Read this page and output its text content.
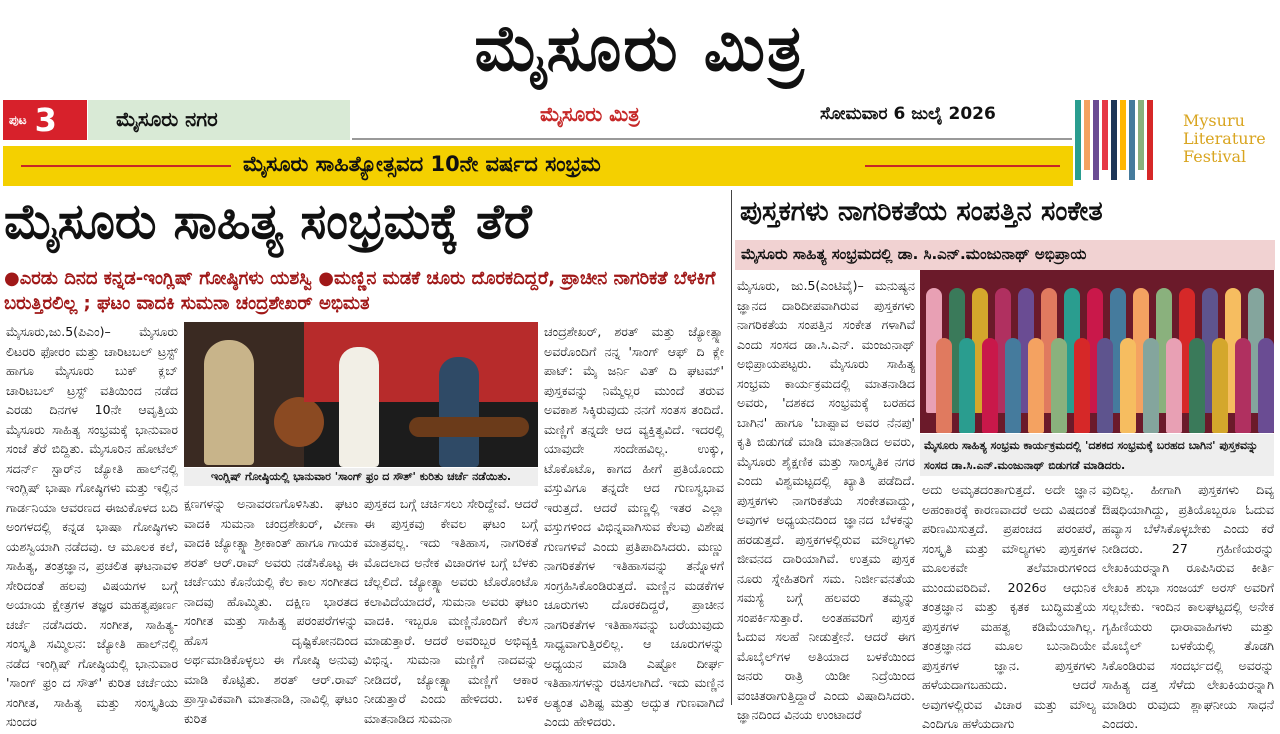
ಮೈಸೂರು ಮಿತ್ರ
ಪುಟ 3	ಮೈಸೂರು ನಗರ	ಮೈಸೂರು ಮಿತ್ರ	ಸೋಮವಾರ 6 ಜುಲೈ 2026	Mysuru
Literature
Festival
ಮೈಸೂರು ಸಾಹಿತ್ಯೋತ್ಸವದ 10ನೇ ವರ್ಷದ ಸಂಭ್ರಮ
ಮೈಸೂರು ಸಾಹಿತ್ಯ ಸಂಭ್ರಮಕ್ಕೆ ತೆರೆ
●ಎರಡು ದಿನದ ಕನ್ನಡ-ಇಂಗ್ಲಿಷ್ ಗೋಷ್ಠಿಗಳು ಯಶಸ್ವಿ ●ಮಣ್ಣಿನ ಮಡಕೆ ಚೂರು ದೊರಕದಿದ್ದರೆ, ಪ್ರಾಚೀನ ನಾಗರಿಕತೆ ಬೆಳಕಿಗೆ ಬರುತ್ತಿರಲಿಲ್ಲ ; ಘಟಂ ವಾದಕಿ ಸುಮನಾ ಚಂದ್ರಶೇಖರ್ ಅಭಿಮತ
ಮೈಸೂರು,ಜು.5(ಪಿಎಂ)– ಮೈಸೂರು ಲಿಟರರಿ ಫೋರಂ ಮತ್ತು ಚಾರಿಟಬಲ್ ಟ್ರಸ್ಟ್ ಹಾಗೂ ಮೈಸೂರು ಬುಕ್ ಕ್ಲಬ್ ಚಾರಿಟಬಲ್ ಟ್ರಸ್ಟ್ ವತಿಯಿಂದ ನಡೆದ ಎರಡು ದಿನಗಳ 10ನೇ ಆವೃತ್ತಿಯ ಮೈಸೂರು ಸಾಹಿತ್ಯ ಸಂಭ್ರಮಕ್ಕೆ ಭಾನುವಾರ ಸಂಜೆ ತೆರೆ ಬಿದ್ದಿತು. ಮೈಸೂರಿನ ಹೋಟೆಲ್ ಸದರ್ನ್ ಸ್ಟಾರ್‌ನ ಜ್ಯೋತಿ ಹಾಲ್‌ನಲ್ಲಿ ಇಂಗ್ಲಿಷ್ ಭಾಷಾ ಗೋಷ್ಠಿಗಳು ಮತ್ತು ಇಲ್ಲಿನ ಗಾರ್ಡನಿಯಾ ಆವರಣದ ಈಜುಕೊಳದ ಬದಿ ಅಂಗಳದಲ್ಲಿ ಕನ್ನಡ ಭಾಷಾ ಗೋಷ್ಠಿಗಳು ಯಶಸ್ವಿಯಾಗಿ ನಡೆದವು. ಆ ಮೂಲಕ ಕಲೆ, ಸಾಹಿತ್ಯ, ತಂತ್ರಜ್ಞಾನ, ಪ್ರಚಲಿತ ಘಟನಾವಳಿ ಸೇರಿದಂತೆ ಹಲವು ವಿಷಯಗಳ ಬಗ್ಗೆ ಅಯಾಯ ಕ್ಷೇತ್ರಗಳ ತಜ್ಞರ ಮಹತ್ವಪೂರ್ಣ ಚರ್ಚೆ ನಡೆಸಿದರು. ಸಂಗೀತ, ಸಾಹಿತ್ಯ-ಸಂಸ್ಕೃತಿ ಸಮ್ಮಿಲನ: ಜ್ಯೋತಿ ಹಾಲ್‌ನಲ್ಲಿ ನಡೆದ ಇಂಗ್ಲಿಷ್ ಗೋಷ್ಠಿಯಲ್ಲಿ ಭಾನುವಾರ 'ಸಾಂಗ್ ಫ್ರಂ ದ ಸೌತ್' ಕುರಿತ ಚರ್ಚೆಯು ಸಂಗೀತ, ಸಾಹಿತ್ಯ ಮತ್ತು ಸಂಸ್ಕೃತಿಯ ಸುಂದರ
ಇಂಗ್ಲಿಷ್ ಗೋಷ್ಠಿಯಲ್ಲಿ ಭಾನುವಾರ 'ಸಾಂಗ್ ಫ್ರಂ ದ ಸೌತ್' ಕುರಿತು ಚರ್ಚೆ ನಡೆಯಿತು.
ಕ್ಷಣಗಳನ್ನು ಅನಾವರಣಗೊಳಿಸಿತು. ಘಟಂ ವಾದಕಿ ಸುಮನಾ ಚಂದ್ರಶೇಖರ್, ವೀಣಾ ವಾದಕಿ ಜ್ಯೋತ್ಸ್ನಾ ಶ್ರೀಕಾಂತ್ ಹಾಗೂ ಗಾಯಕ ಶರತ್ ಆರ್.ರಾವ್ ಅವರು ನಡೆಸಿಕೊಟ್ಟ ಈ ಚರ್ಚೆಯು ಕೊನೆಯಲ್ಲಿ ಕೆಲ ಕಾಲ ಸಂಗೀತದ ನಾದವು ಹೊಮ್ಮಿತು. ದಕ್ಷಿಣ ಭಾರತದ ಸಂಗೀತ ಮತ್ತು ಸಾಹಿತ್ಯ ಪರಂಪರೆಗಳನ್ನು ಹೊಸ ದೃಷ್ಟಿಕೋನದಿಂದ ಅರ್ಥಮಾಡಿಕೊಳ್ಳಲು ಈ ಗೋಷ್ಠಿ ಅನುವು ಮಾಡಿ ಕೊಟ್ಟಿತು. ಶರತ್ ಆರ್.ರಾವ್ ಪ್ರಾಸ್ತಾವಿಕವಾಗಿ ಮಾತನಾಡಿ, ನಾವಿಲ್ಲಿ ಘಟಂ ಕುರಿತ
ಪುಸ್ತಕದ ಬಗ್ಗೆ ಚರ್ಚಿಸಲು ಸೇರಿದ್ದೇವೆ. ಆದರೆ ಈ ಪುಸ್ತಕವು ಕೇವಲ ಘಟಂ ಬಗ್ಗೆ ಮಾತ್ರವಲ್ಲ. ಇದು ಇತಿಹಾಸ, ನಾಗರಿಕತೆ ಮೊದಲಾದ ಅನೇಕ ವಿಚಾರಗಳ ಬಗ್ಗೆ ಬೆಳಕು ಚೆಲ್ಲಲಿದೆ. ಜ್ಯೋತ್ಸ್ನಾ ಅವರು ಟೊರೊಂಟೊ ಕಲಾವಿದೆಯಾದರೆ, ಸುಮನಾ ಅವರು ಘಟಂ ವಾದಕಿ. ಇಬ್ಬರೂ ಮಣ್ಣಿನೊಂದಿಗೆ ಕೆಲಸ ಮಾಡುತ್ತಾರೆ. ಆದರೆ ಅವರಿಬ್ಬರ ಅಭಿವ್ಯಕ್ತಿ ವಿಭಿನ್ನ. ಸುಮನಾ ಮಣ್ಣಿಗೆ ನಾದವನ್ನು ನೀಡಿದರೆ, ಜ್ಯೋತ್ಸ್ನಾ ಮಣ್ಣಿಗೆ ಆಕಾರ ನೀಡುತ್ತಾರೆ ಎಂದು ಹೇಳಿದರು. ಬಳಿಕ ಮಾತನಾಡಿದ ಸುಮನಾ
ಚಂದ್ರಶೇಖರ್, ಶರತ್ ಮತ್ತು ಜ್ಯೋತ್ಸ್ನಾ ಅವರೊಂದಿಗೆ ನನ್ನ 'ಸಾಂಗ್ ಆಫ್ ದಿ ಕ್ಲೇ ಪಾಟ್: ಮೈ ಜರ್ನಿ ವಿತ್ ದಿ ಘಟಮ್' ಪುಸ್ತಕವನ್ನು ನಿಮ್ಮೆಲ್ಲರ ಮುಂದೆ ತರುವ ಅವಕಾಶ ಸಿಕ್ಕಿರುವುದು ನನಗೆ ಸಂತಸ ತಂದಿದೆ. ಮಣ್ಣಿಗೆ ತನ್ನದೇ ಆದ ವ್ಯಕ್ತಿತ್ವವಿದೆ. ಇದರಲ್ಲಿ ಯಾವುದೇ ಸಂದೇಹವಿಲ್ಲ. ಉಕ್ಕು, ಟೊಕೊಟೊ, ಕಾಗದ ಹೀಗೆ ಪ್ರತಿಯೊಂದು ವಸ್ತುವಿಗೂ ತನ್ನದೇ ಆದ ಗುಣಸ್ವಭಾವ ಇರುತ್ತದೆ. ಆದರೆ ಮಣ್ಣಲ್ಲಿ ಇತರ ಎಲ್ಲಾ ವಸ್ತುಗಳಿಂದ ವಿಭಿನ್ನವಾಗಿಸುವ ಕೆಲವು ವಿಶೇಷ ಗುಣಗಳಿವೆ ಎಂದು ಪ್ರತಿಪಾದಿಸಿದರು. ಮಣ್ಣು ನಾಗರಿಕತೆಗಳ ಇತಿಹಾಸವನ್ನು ತನ್ನೊಳಗೆ ಸಂಗ್ರಹಿಸಿಕೊಂಡಿರುತ್ತದೆ. ಮಣ್ಣಿನ ಮಡಕೆಗಳ ಚೂರುಗಳು ದೊರಕದಿದ್ದರೆ, ಪ್ರಾಚೀನ ನಾಗರಿಕತೆಗಳ ಇತಿಹಾಸವನ್ನು ಬರೆಯುವುದು ಸಾಧ್ಯವಾಗುತ್ತಿರಲಿಲ್ಲ. ಆ ಚೂರುಗಳನ್ನು ಅಧ್ಯಯನ ಮಾಡಿ ಎಷ್ಟೋ ದೀರ್ಘ ಇತಿಹಾಸಗಳನ್ನು ರಚಿಸಲಾಗಿದೆ. ಇದು ಮಣ್ಣಿನ ಅತ್ಯಂತ ವಿಶಿಷ್ಟ ಮತ್ತು ಅದ್ಭುತ ಗುಣವಾಗಿದೆ ಎಂದು ಹೇಳಿದರು.
ಪುಸ್ತಕಗಳು ನಾಗರಿಕತೆಯ ಸಂಪತ್ತಿನ ಸಂಕೇತ
ಮೈಸೂರು ಸಾಹಿತ್ಯ ಸಂಭ್ರಮದಲ್ಲಿ ಡಾ. ಸಿ.ಎನ್.ಮಂಜುನಾಥ್ ಅಭಿಪ್ರಾಯ
ಮೈಸೂರು, ಜು.5(ಎಂಟಿವೈ)– ಮನುಷ್ಯನ ಜ್ಞಾನದ ದಾರಿದೀಪವಾಗಿರುವ ಪುಸ್ತಕಗಳು ನಾಗರಿಕತೆಯ ಸಂಪತ್ತಿನ ಸಂಕೇತ ಗಳಾಗಿವೆ ಎಂದು ಸಂಸದ ಡಾ.ಸಿ.ಎನ್. ಮಂಜುನಾಥ್ ಅಭಿಪ್ರಾಯಪಟ್ಟರು. ಮೈಸೂರು ಸಾಹಿತ್ಯ ಸಂಭ್ರಮ ಕಾರ್ಯಕ್ರಮದಲ್ಲಿ ಮಾತನಾಡಿದ ಅವರು, 'ದಶಕದ ಸಂಭ್ರಮಕ್ಕೆ ಬರಹದ ಬಾಗಿನ' ಹಾಗೂ 'ಬಾಪ್ಪಾವ ಅವರ ನೆನಪು' ಕೃತಿ ಬಿಡುಗಡೆ ಮಾಡಿ ಮಾತನಾಡಿದ ಅವರು, ಮೈಸೂರು ಶೈಕ್ಷಣಿಕ ಮತ್ತು ಸಾಂಸ್ಕೃತಿಕ ನಗರ ಎಂದು ವಿಶ್ವಮಟ್ಟದಲ್ಲಿ ಖ್ಯಾತಿ ಪಡೆದಿದೆ. ಪುಸ್ತಕಗಳು ನಾಗರಿಕತೆಯ ಸಂಕೇತವಾದ್ದು, ಅವುಗಳ ಅಧ್ಯಯನದಿಂದ ಜ್ಞಾನದ ಬೆಳಕನ್ನು ಹರಡುತ್ತದೆ. ಪುಸ್ತಕಗಳಲ್ಲಿರುವ ಮೌಲ್ಯಗಳು ಜೀವನದ ದಾರಿಯಾಗಿವೆ. ಉತ್ತಮ ಪುಸ್ತಕ ನೂರು ಸ್ನೇಹಿತರಿಗೆ ಸಮ. ನಿರ್ಜೀವನತೆಯ ಸಮಸ್ಯೆ ಬಗ್ಗೆ ಹಲವರು ತಮ್ಮನ್ನು ಸಂಪರ್ಕಿಸುತ್ತಾರೆ. ಅಂತಹವರಿಗೆ ಪುಸ್ತಕ ಓದುವ ಸಲಹೆ ನೀಡುತ್ತೇನೆ. ಆದರೆ ಈಗ ಮೊಬೈಲ್‌ಗಳ ಅತಿಯಾದ ಬಳಕೆಯಿಂದ ಜನರು ರಾತ್ರಿ ಯಿಡೀ ನಿದ್ರೆಯಿಂದ ವಂಚಿತರಾಗುತ್ತಿದ್ದಾರೆ ಎಂದು ವಿಷಾದಿಸಿದರು. ಜ್ಞಾನದಿಂದ ವಿನಯ ಉಂಟಾದರೆ
ಮೈಸೂರು ಸಾಹಿತ್ಯ ಸಂಭ್ರಮ ಕಾರ್ಯಕ್ರಮದಲ್ಲಿ 'ದಶಕದ ಸಂಭ್ರಮಕ್ಕೆ ಬರಹದ ಬಾಗಿನ' ಪುಸ್ತಕವನ್ನು ಸಂಸದ ಡಾ.ಸಿ.ಎನ್.ಮಂಜುನಾಥ್ ಬಿಡುಗಡೆ ಮಾಡಿದರು.
ಅದು ಅಮೃತದಂತಾಗುತ್ತದೆ. ಅದೇ ಜ್ಞಾನ ಅಹಂಕಾರಕ್ಕೆ ಕಾರಣವಾದರೆ ಅದು ವಿಷದಂತೆ ಪರಿಣಮಿಸುತ್ತದೆ. ಪ್ರಪಂಚದ ಪರಂಪರೆ, ಸಂಸ್ಕೃತಿ ಮತ್ತು ಮೌಲ್ಯಗಳು ಪುಸ್ತಕಗಳ ಮೂಲಕವೇ ತಲೆಮಾರುಗಳಿಂದ ಮುಂದುವರಿದಿವೆ. 2026ರ ಆಧುನಿಕ ತಂತ್ರಜ್ಞಾನ ಮತ್ತು ಕೃತಕ ಬುದ್ಧಿಮತ್ತೆಯ ಪುಸ್ತಕಗಳ ಮಹತ್ವ ಕಡಿಮೆಯಾಗಿಲ್ಲ. ತಂತ್ರಜ್ಞಾನದ ಮೂಲ ಬುನಾದಿಯೇ ಪುಸ್ತಕಗಳ ಜ್ಞಾನ. ಪುಸ್ತಕಗಳು ಹಳೆಯದಾಗಬಹುದು. ಆದರೆ ಅವುಗಳಲ್ಲಿರುವ ವಿಚಾರ ಮತ್ತು ಮೌಲ್ಯ ಎಂದಿಗೂ ಹಳೆಯದಾಗು
ವುದಿಲ್ಲ. ಹೀಗಾಗಿ ಪುಸ್ತಕಗಳು ದಿವ್ಯ ಔಷಧಿಯಾಗಿದ್ದು, ಪ್ರತಿಯೊಬ್ಬರೂ ಓದುವ ಹವ್ಯಾಸ ಬೆಳೆಸಿಕೊಳ್ಳಬೇಕು ಎಂದು ಕರೆ ನೀಡಿದರು. 27 ಗ್ರಹಿಣಿಯರನ್ನು ಲೇಖಕಿಯರನ್ನಾಗಿ ರೂಪಿಸಿರುವ ಕೀರ್ತಿ ಲೇಖಕಿ ಶುಭಾ ಸಂಜಯ್ ಅರಸ್ ಅವರಿಗೆ ಸಲ್ಲಬೇಕು. ಇಂದಿನ ಕಾಲಘಟ್ಟದಲ್ಲಿ ಅನೇಕ ಗೃಹಿಣಿಯರು ಧಾರಾವಾಹಿಗಳು ಮತ್ತು ಮೊಬೈಲ್ ಬಳಕೆಯಲ್ಲಿ ತೊಡಗಿ ಸಿಕೊಂಡಿರುವ ಸಂದರ್ಭದಲ್ಲಿ ಅವರನ್ನು ಸಾಹಿತ್ಯ ದತ್ತ ಸೆಳೆದು ಲೇಖಕಿಯರನ್ನಾಗಿ ಮಾಡಿರು ರುವುದು ಶ್ಲಾಘನೀಯ ಸಾಧನೆ ಎಂದರು.
